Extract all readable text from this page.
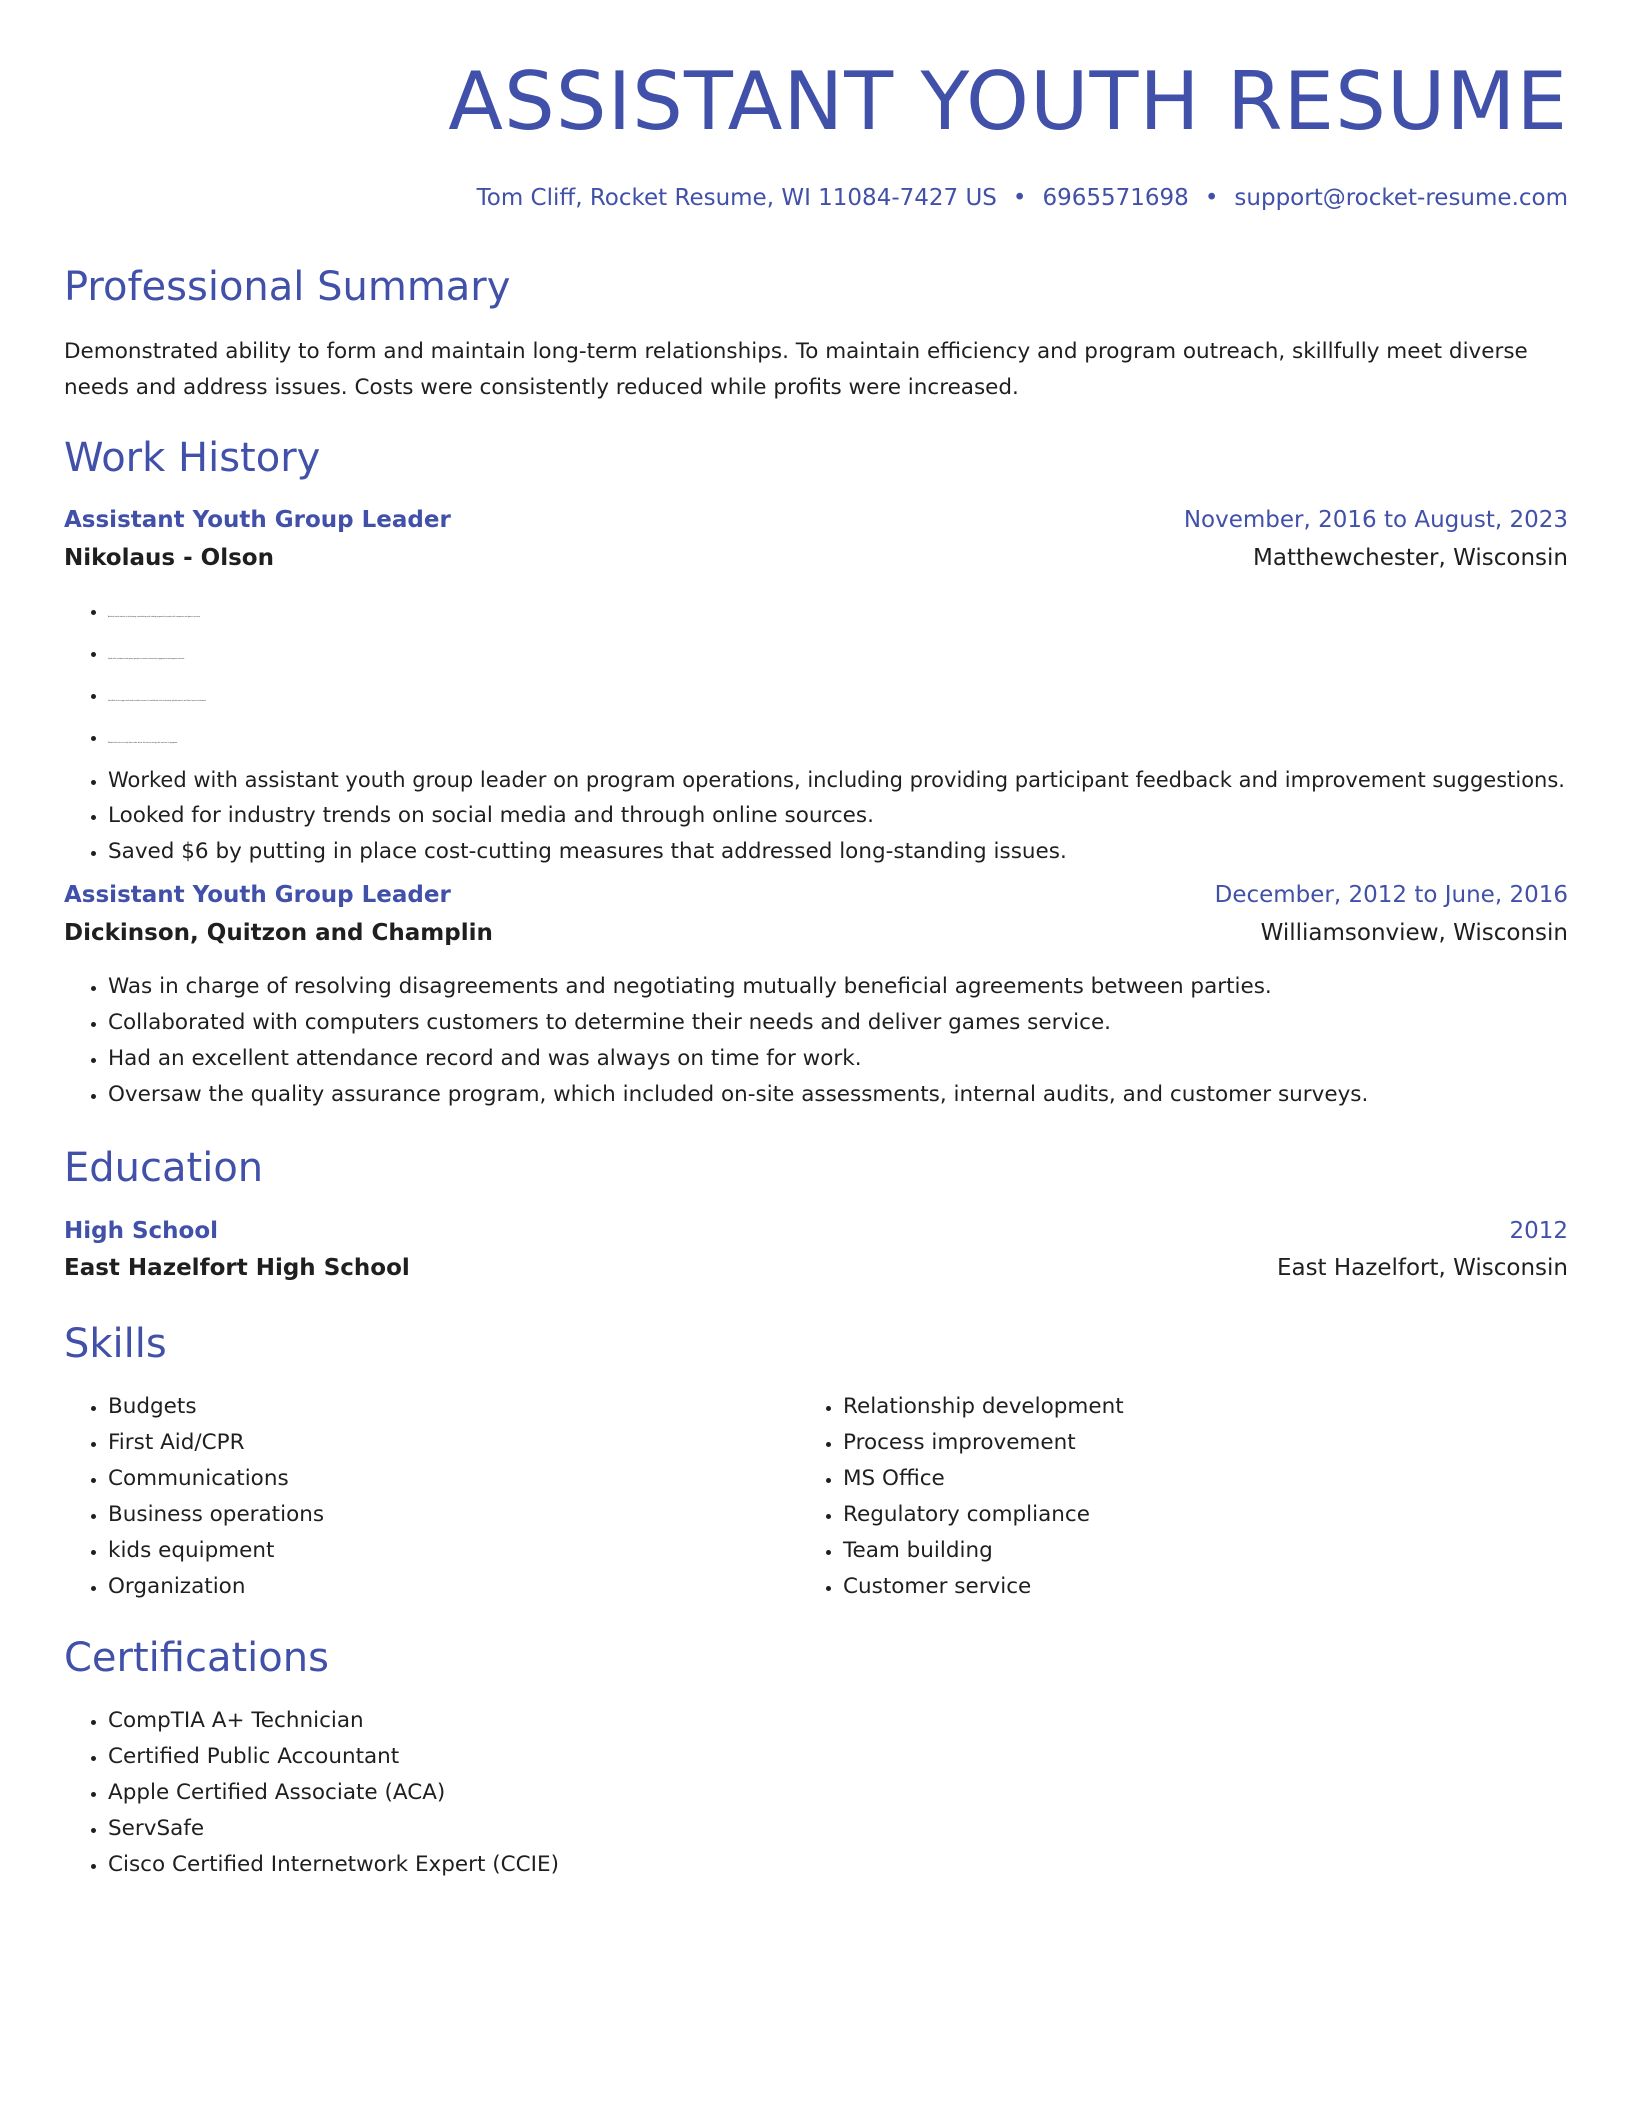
ASSISTANT YOUTH RESUME
Tom Cliff, Rocket Resume, WI 11084-7427 US • 6965571698 • support@rocket-resume.com
Professional Summary

Demonstrated ability to form and maintain long-term relationships. To maintain efficiency and program outreach, skillfully meet diverse needs and address issues. Costs were consistently reduced while profits were increased.

Work History
Assistant Youth Group Leader	November, 2016 to August, 2023
Nikolaus - Olson	Matthewchester, Wisconsin
• Assisted social workers in developing, coordinating, and leading programs for people with computers and games concerns.
• Spoke with computers and games groups to increase community engagement and program outreach.
• Identified service gaps and found needed resources for individuals, such as housing, job placement, and other forms of assistance.
• Worked with clients to help them make better life choices and get the most out of programs.
• Worked with assistant youth group leader on program operations, including providing participant feedback and improvement suggestions.
• Looked for industry trends on social media and through online sources.
• Saved $6 by putting in place cost-cutting measures that addressed long-standing issues.
Assistant Youth Group Leader	December, 2012 to June, 2016
Dickinson, Quitzon and Champlin	Williamsonview, Wisconsin
• Was in charge of resolving disagreements and negotiating mutually beneficial agreements between parties.
• Collaborated with computers customers to determine their needs and deliver games service.
• Had an excellent attendance record and was always on time for work.
• Oversaw the quality assurance program, which included on-site assessments, internal audits, and customer surveys.
Education
High School	2012
East Hazelfort High School	East Hazelfort, Wisconsin
Skills
• Budgets
• First Aid/CPR
• Communications
• Business operations
• kids equipment
• Organization
• Relationship development
• Process improvement
• MS Office
• Regulatory compliance
• Team building
• Customer service
Certifications
• CompTIA A+ Technician
• Certified Public Accountant
• Apple Certified Associate (ACA)
• ServSafe
• Cisco Certified Internetwork Expert (CCIE)
